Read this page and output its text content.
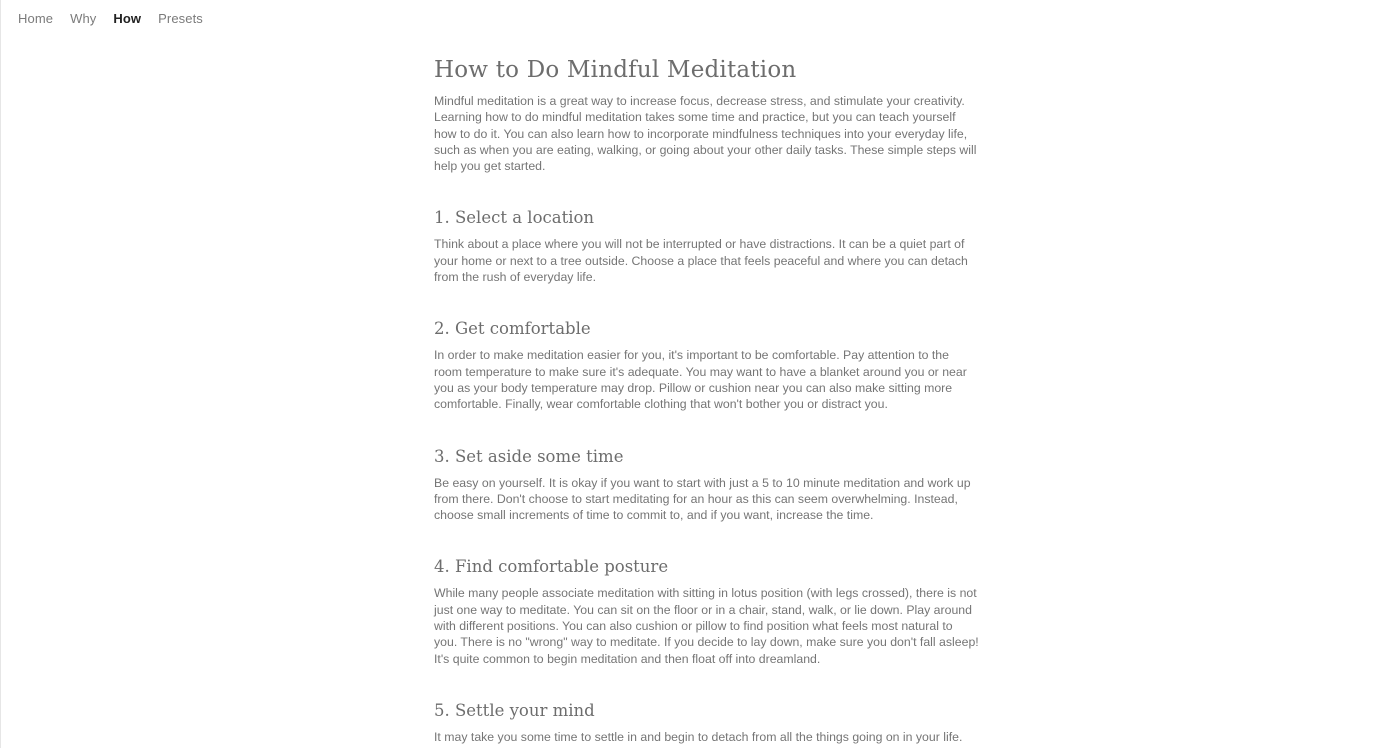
Home Why How Presets
How to Do Mindful Meditation

Mindful meditation is a great way to increase focus, decrease stress, and stimulate your creativity. Learning how to do mindful meditation takes some time and practice, but you can teach yourself how to do it. You can also learn how to incorporate mindfulness techniques into your everyday life, such as when you are eating, walking, or going about your other daily tasks. These simple steps will help you get started.

1. Select a location

Think about a place where you will not be interrupted or have distractions. It can be a quiet part of your home or next to a tree outside. Choose a place that feels peaceful and where you can detach from the rush of everyday life.

2. Get comfortable

In order to make meditation easier for you, it's important to be comfortable. Pay attention to the room temperature to make sure it's adequate. You may want to have a blanket around you or near you as your body temperature may drop. Pillow or cushion near you can also make sitting more comfortable. Finally, wear comfortable clothing that won't bother you or distract you.

3. Set aside some time

Be easy on yourself. It is okay if you want to start with just a 5 to 10 minute meditation and work up from there. Don't choose to start meditating for an hour as this can seem overwhelming. Instead, choose small increments of time to commit to, and if you want, increase the time.

4. Find comfortable posture

While many people associate meditation with sitting in lotus position (with legs crossed), there is not just one way to meditate. You can sit on the floor or in a chair, stand, walk, or lie down. Play around with different positions. You can also cushion or pillow to find position what feels most natural to you. There is no "wrong" way to meditate. If you decide to lay down, make sure you don't fall asleep! It's quite common to begin meditation and then float off into dreamland.

5. Settle your mind

It may take you some time to settle in and begin to detach from all the things going on in your life.
